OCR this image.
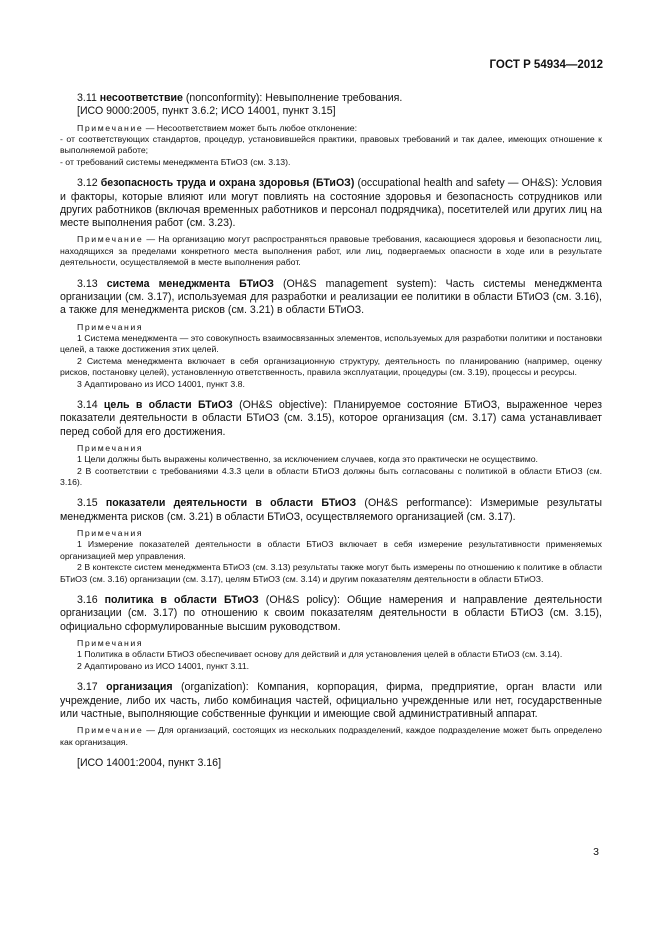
ГОСТ Р 54934—2012

3.11 несоответствие (nonconformity): Невыполнение требования.

[ИСО 9000:2005, пункт 3.6.2; ИСО 14001, пункт 3.15]

Примечание — Несоответствием может быть любое отклонение:

- от соответствующих стандартов, процедур, установившейся практики, правовых требований и так далее, имеющих отношение к выполняемой работе;

- от требований системы менеджмента БТиОЗ (см. 3.13).

3.12 безопасность труда и охрана здоровья (БТиОЗ) (occupational health and safety — OH&S): Условия и факторы, которые влияют или могут повлиять на состояние здоровья и безопасность сотрудников или других работников (включая временных работников и персонал подрядчика), посетителей или других лиц на месте выполнения работ (см. 3.23).

Примечание — На организацию могут распространяться правовые требования, касающиеся здоровья и безопасности лиц, находящихся за пределами конкретного места выполнения работ, или лиц, подвергаемых опасности в ходе или в результате деятельности, осуществляемой в месте выполнения работ.

3.13 система менеджмента БТиОЗ (OH&S management system): Часть системы менеджмента организации (см. 3.17), используемая для разработки и реализации ее политики в области БТиОЗ (см. 3.16), а также для менеджмента рисков (см. 3.21) в области БТиОЗ.

Примечания

1 Система менеджмента — это совокупность взаимосвязанных элементов, используемых для разработки политики и постановки целей, а также достижения этих целей.

2 Система менеджмента включает в себя организационную структуру, деятельность по планированию (например, оценку рисков, постановку целей), установленную ответственность, правила эксплуатации, процедуры (см. 3.19), процессы и ресурсы.

3 Адаптировано из ИСО 14001, пункт 3.8.

3.14 цель в области БТиОЗ (OH&S objective): Планируемое состояние БТиОЗ, выраженное через показатели деятельности в области БТиОЗ (см. 3.15), которое организация (см. 3.17) сама устанавливает перед собой для его достижения.

Примечания

1 Цели должны быть выражены количественно, за исключением случаев, когда это практически не осуществимо.

2 В соответствии с требованиями 4.3.3 цели в области БТиОЗ должны быть согласованы с политикой в области БТиОЗ (см. 3.16).

3.15 показатели деятельности в области БТиОЗ (OH&S performance): Измеримые результаты менеджмента рисков (см. 3.21) в области БТиОЗ, осуществляемого организацией (см. 3.17).

Примечания

1 Измерение показателей деятельности в области БТиОЗ включает в себя измерение результативности применяемых организацией мер управления.

2 В контексте систем менеджмента БТиОЗ (см. 3.13) результаты также могут быть измерены по отношению к политике в области БТиОЗ (см. 3.16) организации (см. 3.17), целям БТиОЗ (см. 3.14) и другим показателям деятельности в области БТиОЗ.

3.16 политика в области БТиОЗ (OH&S policy): Общие намерения и направление деятельности организации (см. 3.17) по отношению к своим показателям деятельности в области БТиОЗ (см. 3.15), официально сформулированные высшим руководством.

Примечания

1 Политика в области БТиОЗ обеспечивает основу для действий и для установления целей в области БТиОЗ (см. 3.14).

2 Адаптировано из ИСО 14001, пункт 3.11.

3.17 организация (organization): Компания, корпорация, фирма, предприятие, орган власти или учреждение, либо их часть, либо комбинация частей, официально учрежденные или нет, государственные или частные, выполняющие собственные функции и имеющие свой административный аппарат.

Примечание — Для организаций, состоящих из нескольких подразделений, каждое подразделение может быть определено как организация.

[ИСО 14001:2004, пункт 3.16]

3
